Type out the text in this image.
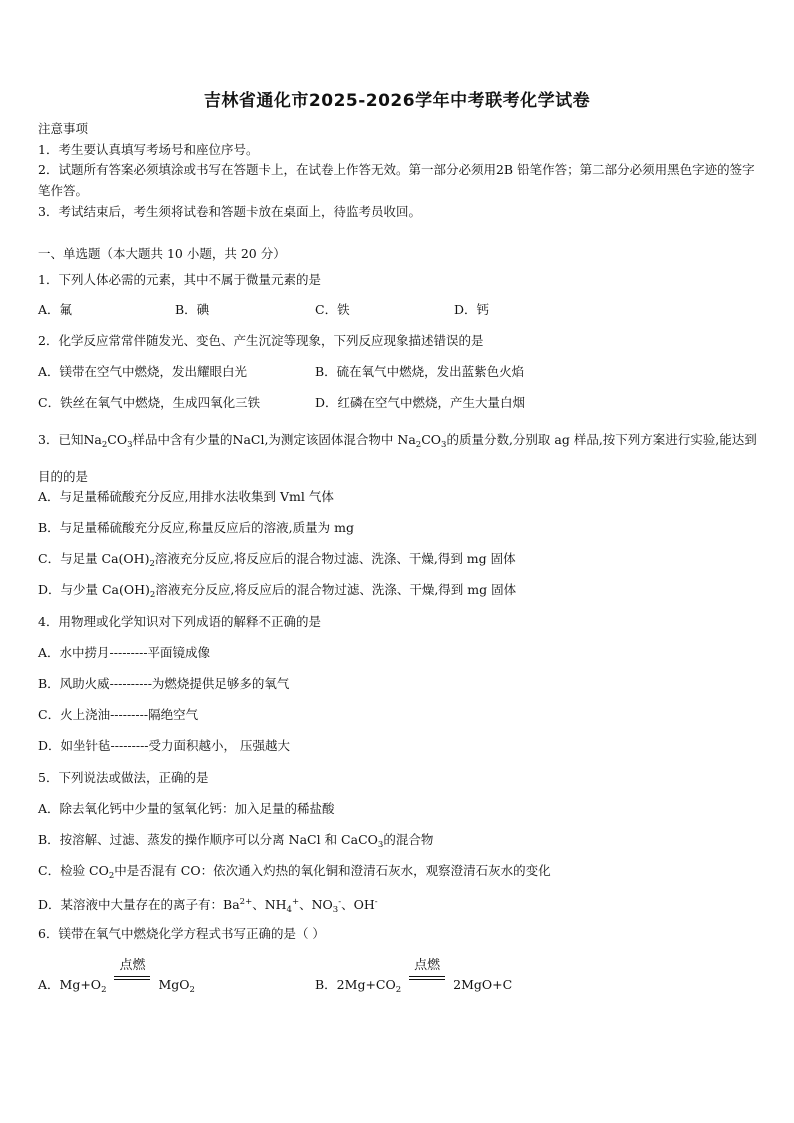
吉林省通化市2025-2026学年中考联考化学试卷
注意事项
1．考生要认真填写考场号和座位序号。
2．试题所有答案必须填涂或书写在答题卡上，在试卷上作答无效。第一部分必须用2B 铅笔作答；第二部分必须用黑色字迹的签字笔作答。
3．考试结束后，考生须将试卷和答题卡放在桌面上，待监考员收回。
一、单选题（本大题共 10 小题，共 20 分）
1．下列人体必需的元素，其中不属于微量元素的是
A．氟	B．碘	C．铁	D．钙
2．化学反应常常伴随发光、变色、产生沉淀等现象，下列反应现象描述错误的是
A．镁带在空气中燃烧，发出耀眼白光	B．硫在氧气中燃烧，发出蓝紫色火焰
C．铁丝在氧气中燃烧，生成四氧化三铁	D．红磷在空气中燃烧，产生大量白烟
3．已知$Na_2CO_3$样品中含有少量的NaCl,为测定该固体混合物中 $Na_2CO_3$的质量分数,分别取 ag 样品,按下列方案进行实验,能达到目的的是
A．与足量稀硫酸充分反应,用排水法收集到 Vml 气体
B．与足量稀硫酸充分反应,称量反应后的溶液,质量为 mg
C．与足量 $Ca(OH)_2$溶液充分反应,将反应后的混合物过滤、洗涤、干燥,得到 mg 固体
D．与少量 $Ca(OH)_2$溶液充分反应,将反应后的混合物过滤、洗涤、干燥,得到 mg 固体
4．用物理或化学知识对下列成语的解释不正确的是
A．水中捞月---------平面镜成像
B．风助火威----------为燃烧提供足够多的氧气
C．火上浇油---------隔绝空气
D．如坐针毡---------受力面积越小， 压强越大
5．下列说法或做法，正确的是
A．除去氧化钙中少量的氢氧化钙：加入足量的稀盐酸
B．按溶解、过滤、蒸发的操作顺序可以分离 NaCl 和 CaCO$_3$的混合物
C．检验 $CO_2$中是否混有 CO：依次通入灼热的氧化铜和澄清石灰水，观察澄清石灰水的变化
D．某溶液中大量存在的离子有：$Ba^{2+}$、$NH_4^+$、$NO_3^-$、OH-
6．镁带在氧气中燃烧化学方程式书写正确的是（ ）
A．$Mg+O_2$
点燃
MgO$_2$	B．$2Mg+CO_2$
点燃
2MgO+C
